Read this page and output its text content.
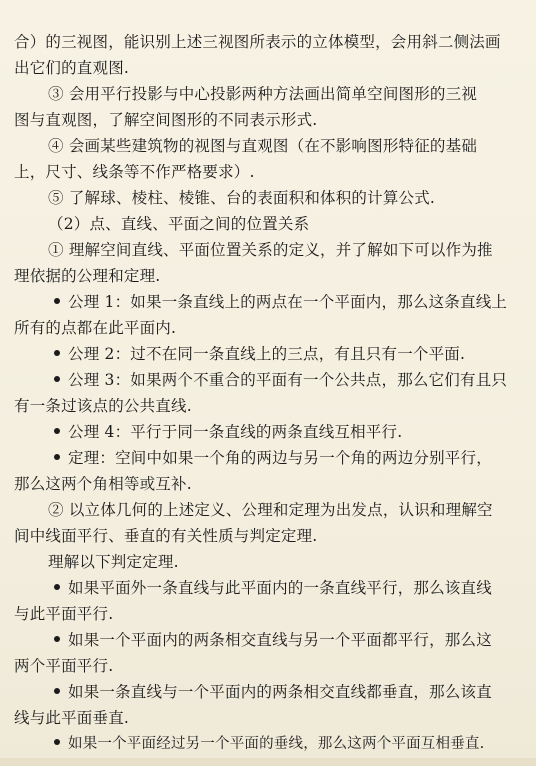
合）的三视图，能识别上述三视图所表示的立体模型，会用斜二侧法画
出它们的直观图.
③ 会用平行投影与中心投影两种方法画出简单空间图形的三视
图与直观图，了解空间图形的不同表示形式.
④ 会画某些建筑物的视图与直观图（在不影响图形特征的基础
上，尺寸、线条等不作严格要求）.
⑤ 了解球、棱柱、棱锥、台的表面积和体积的计算公式.
（2）点、直线、平面之间的位置关系
① 理解空间直线、平面位置关系的定义，并了解如下可以作为推
理依据的公理和定理.
公理 1：如果一条直线上的两点在一个平面内，那么这条直线上
所有的点都在此平面内.
公理 2：过不在同一条直线上的三点，有且只有一个平面.
公理 3：如果两个不重合的平面有一个公共点，那么它们有且只
有一条过该点的公共直线.
公理 4：平行于同一条直线的两条直线互相平行.
定理：空间中如果一个角的两边与另一个角的两边分别平行，
那么这两个角相等或互补.
② 以立体几何的上述定义、公理和定理为出发点，认识和理解空
间中线面平行、垂直的有关性质与判定定理.
理解以下判定定理.
如果平面外一条直线与此平面内的一条直线平行，那么该直线
与此平面平行.
如果一个平面内的两条相交直线与另一个平面都平行，那么这
两个平面平行.
如果一条直线与一个平面内的两条相交直线都垂直，那么该直
线与此平面垂直.
如果一个平面经过另一个平面的垂线，那么这两个平面互相垂直.
